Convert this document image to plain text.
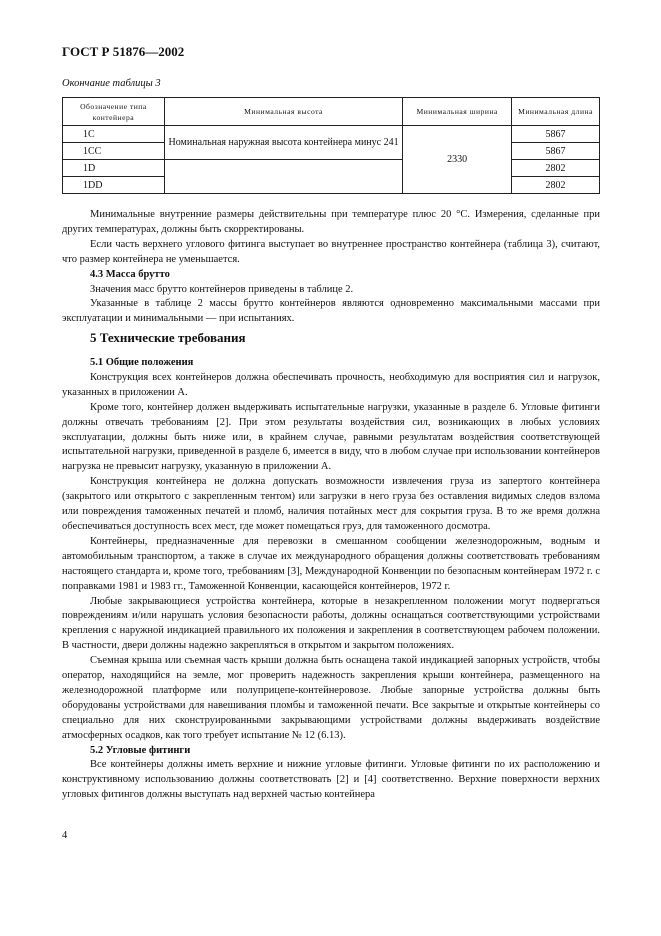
ГОСТ Р 51876—2002
Окончание таблицы 3
Обозначение типа контейнера	Минимальная высота	Минимальная ширина	Минимальная длина
1С	Номинальная наружная высота контейнера минус 241	2330	5867
1СС			5867
1D			2802
1DD			2802

Минимальные внутренние размеры действительны при температуре плюс 20 °С. Измерения, сделанные при других температурах, должны быть скорректированы.

Если часть верхнего углового фитинга выступает во внутреннее пространство контейнера (таблица 3), считают, что размер контейнера не уменьшается.

4.3 Масса брутто

Значения масс брутто контейнеров приведены в таблице 2.

Указанные в таблице 2 массы брутто контейнеров являются одновременно максимальными массами при эксплуатации и минимальными — при испытаниях.

5 Технические требования
5.1 Общие положения

Конструкция всех контейнеров должна обеспечивать прочность, необходимую для восприятия сил и нагрузок, указанных в приложении А.

Кроме того, контейнер должен выдерживать испытательные нагрузки, указанные в разделе 6. Угловые фитинги должны отвечать требованиям [2]. При этом результаты воздействия сил, возникающих в любых условиях эксплуатации, должны быть ниже или, в крайнем случае, равными результатам воздействия соответствующей испытательной нагрузки, приведенной в разделе 6, имеется в виду, что в любом случае при использовании контейнеров нагрузка не превысит нагрузку, указанную в приложении А.

Конструкция контейнера не должна допускать возможности извлечения груза из запертого контейнера (закрытого или открытого с закрепленным тентом) или загрузки в него груза без оставления видимых следов взлома или повреждения таможенных печатей и пломб, наличия потайных мест для сокрытия груза. В то же время должна обеспечиваться доступность всех мест, где может помещаться груз, для таможенного досмотра.

Контейнеры, предназначенные для перевозки в смешанном сообщении железнодорожным, водным и автомобильным транспортом, а также в случае их международного обращения должны соответствовать требованиям настоящего стандарта и, кроме того, требованиям [3], Международной Конвенции по безопасным контейнерам 1972 г. с поправками 1981 и 1983 гг., Таможенной Конвенции, касающейся контейнеров, 1972 г.

Любые закрывающиеся устройства контейнера, которые в незакрепленном положении могут подвергаться повреждениям и/или нарушать условия безопасности работы, должны оснащаться соответствующими устройствами крепления с наружной индикацией правильного их положения и закрепления в соответствующем рабочем положении. В частности, двери должны надежно закрепляться в открытом и закрытом положениях.

Съемная крыша или съемная часть крыши должна быть оснащена такой индикацией запорных устройств, чтобы оператор, находящийся на земле, мог проверить надежность закрепления крыши контейнера, размещенного на железнодорожной платформе или полуприцепе-контейнеровозе. Любые запорные устройства должны быть оборудованы устройствами для навешивания пломбы и таможенной печати. Все закрытые и открытые контейнеры со специально для них сконструированными закрывающими устройствами должны выдерживать воздействие атмосферных осадков, как того требует испытание № 12 (6.13).

5.2 Угловые фитинги

Все контейнеры должны иметь верхние и нижние угловые фитинги. Угловые фитинги по их расположению и конструктивному использованию должны соответствовать [2] и [4] соответственно. Верхние поверхности верхних угловых фитингов должны выступать над верхней частью контейнера

4
